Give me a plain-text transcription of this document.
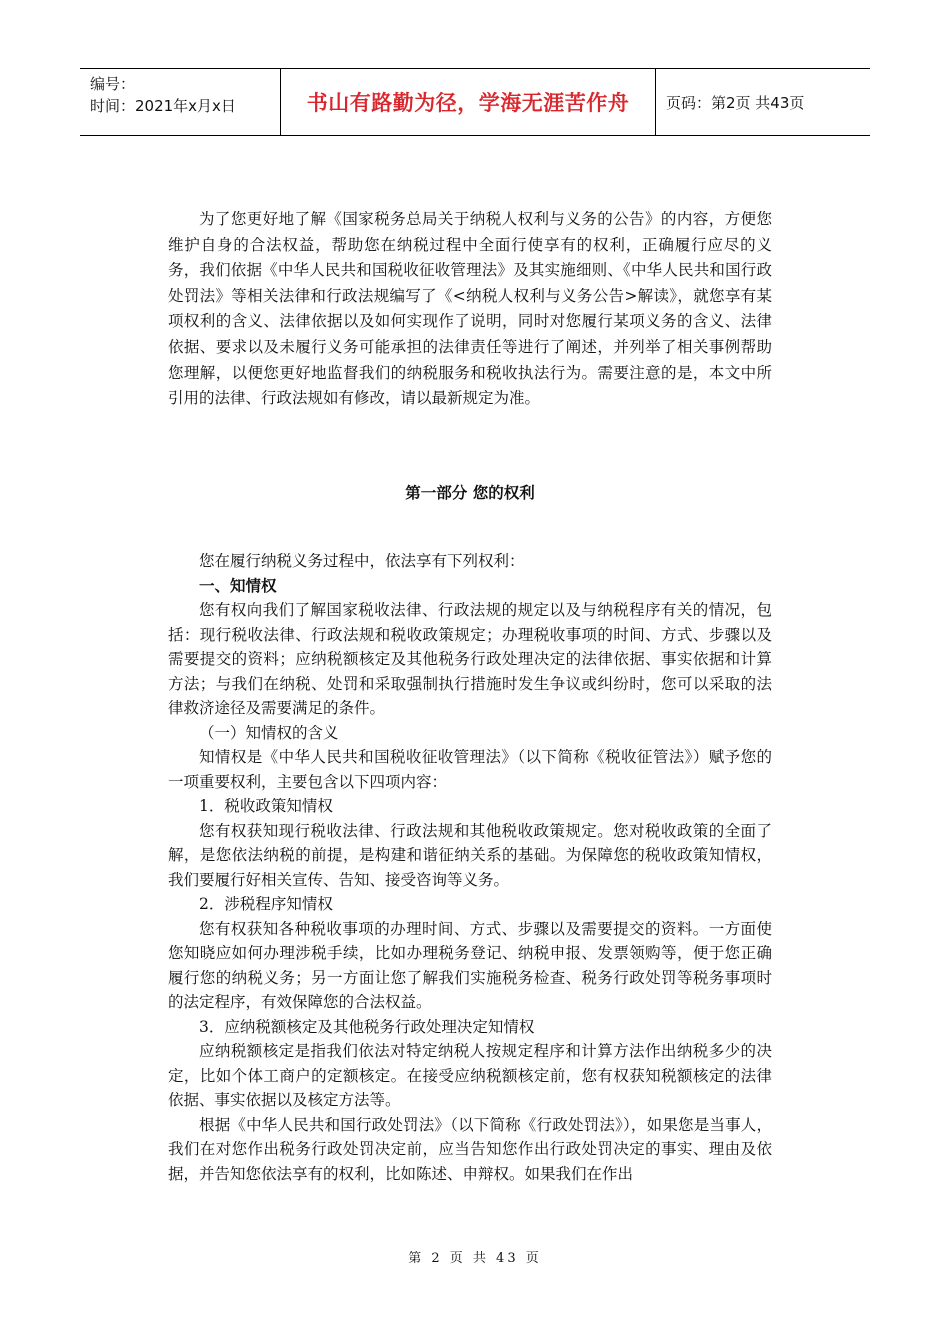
编号：
时间：2021年x月x日	书山有路勤为径，学海无涯苦作舟	页码：第2页 共43页

为了您更好地了解《国家税务总局关于纳税人权利与义务的公告》的内容，方便您维护自身的合法权益，帮助您在纳税过程中全面行使享有的权利，正确履行应尽的义务，我们依据《中华人民共和国税收征收管理法》及其实施细则、《中华人民共和国行政处罚法》等相关法律和行政法规编写了《<纳税人权利与义务公告>解读》，就您享有某项权利的含义、法律依据以及如何实现作了说明，同时对您履行某项义务的含义、法律依据、要求以及未履行义务可能承担的法律责任等进行了阐述，并列举了相关事例帮助您理解，以便您更好地监督我们的纳税服务和税收执法行为。需要注意的是，本文中所引用的法律、行政法规如有修改，请以最新规定为准。

第一部分 您的权利

您在履行纳税义务过程中，依法享有下列权利：

一、知情权

您有权向我们了解国家税收法律、行政法规的规定以及与纳税程序有关的情况，包括：现行税收法律、行政法规和税收政策规定；办理税收事项的时间、方式、步骤以及需要提交的资料；应纳税额核定及其他税务行政处理决定的法律依据、事实依据和计算方法；与我们在纳税、处罚和采取强制执行措施时发生争议或纠纷时，您可以采取的法律救济途径及需要满足的条件。

（一）知情权的含义

知情权是《中华人民共和国税收征收管理法》（以下简称《税收征管法》）赋予您的一项重要权利，主要包含以下四项内容：

1．税收政策知情权

您有权获知现行税收法律、行政法规和其他税收政策规定。您对税收政策的全面了解，是您依法纳税的前提，是构建和谐征纳关系的基础。为保障您的税收政策知情权，我们要履行好相关宣传、告知、接受咨询等义务。

2．涉税程序知情权

您有权获知各种税收事项的办理时间、方式、步骤以及需要提交的资料。一方面使您知晓应如何办理涉税手续，比如办理税务登记、纳税申报、发票领购等，便于您正确履行您的纳税义务；另一方面让您了解我们实施税务检查、税务行政处罚等税务事项时的法定程序，有效保障您的合法权益。

3．应纳税额核定及其他税务行政处理决定知情权

应纳税额核定是指我们依法对特定纳税人按规定程序和计算方法作出纳税多少的决定，比如个体工商户的定额核定。在接受应纳税额核定前，您有权获知税额核定的法律依据、事实依据以及核定方法等。

根据《中华人民共和国行政处罚法》（以下简称《行政处罚法》），如果您是当事人，我们在对您作出税务行政处罚决定前，应当告知您作出行政处罚决定的事实、理由及依据，并告知您依法享有的权利，比如陈述、申辩权。如果我们在作出

第 2 页 共 43 页
